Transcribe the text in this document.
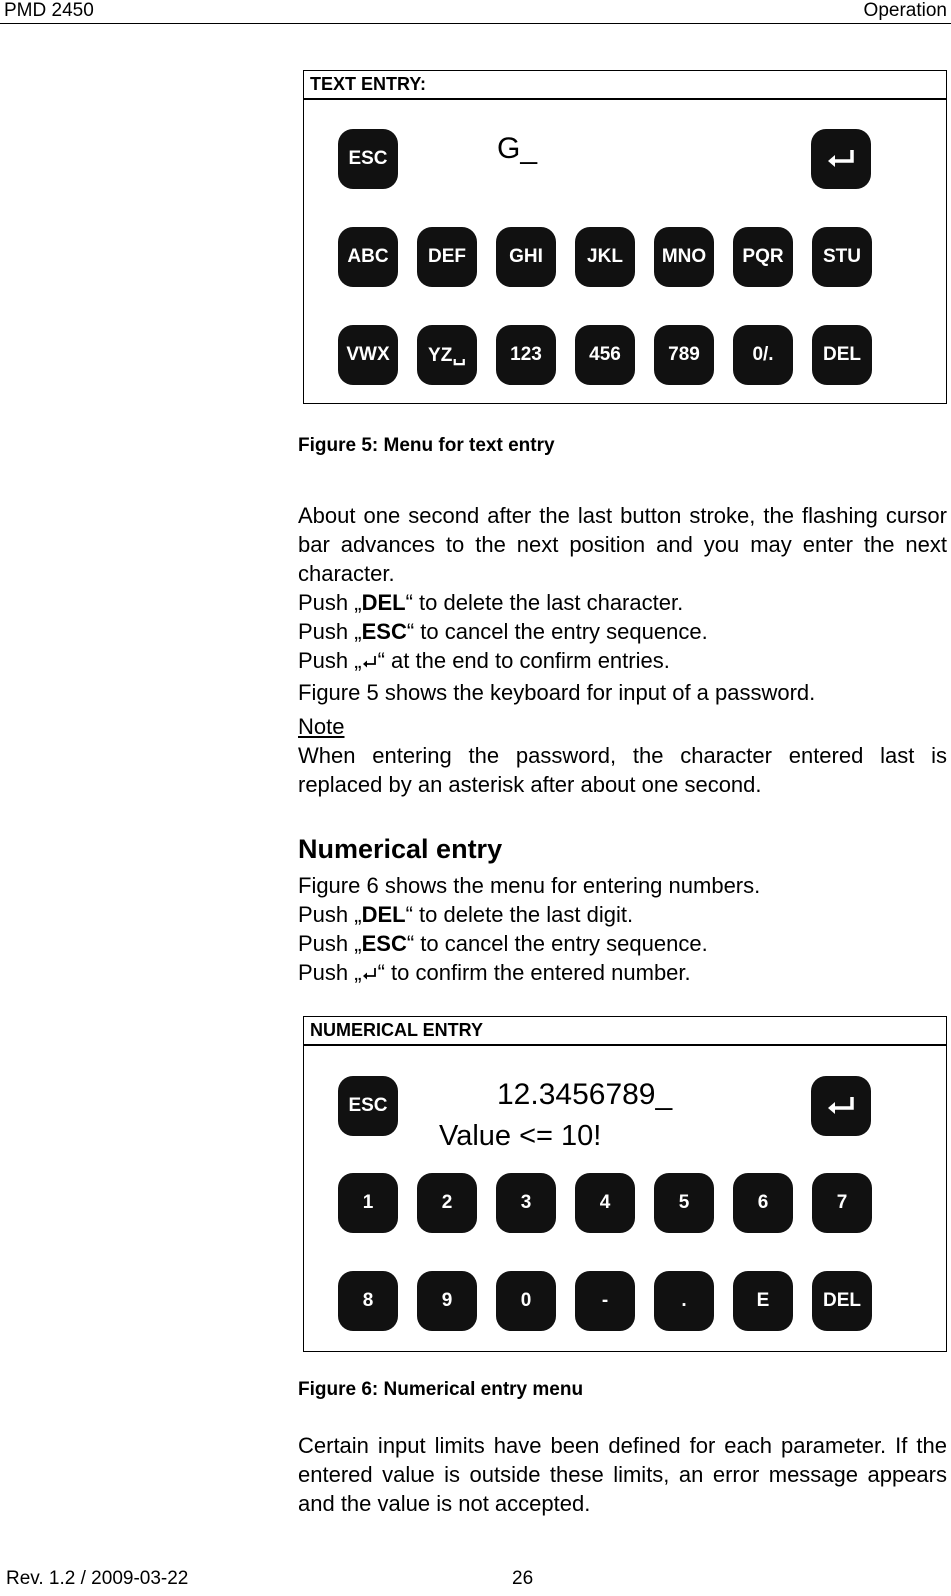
PMD 2450	Operation
TEXT ENTRY:
ESC	G_
ABC	DEF	GHI	JKL	MNO	PQR	STU
VWX	YZ␣	123	456	789	0/.	DEL
Figure 5: Menu for text entry
About one second after the last button stroke, the flashing cursor bar advances to the next position and you may enter the next character.
Push „DEL“ to delete the last character.
Push „ESC“ to cancel the entry sequence.
Push „ “ at the end to confirm entries.
Figure 5 shows the keyboard for input of a password.
Note
When entering the password, the character entered last is replaced by an asterisk after about one second.
Numerical entry
Figure 6 shows the menu for entering numbers.
Push „DEL“ to delete the last digit.
Push „ESC“ to cancel the entry sequence.
Push „ “ to confirm the entered number.
NUMERICAL ENTRY
ESC	12.3456789_
Value <= 10!
1	2	3	4	5	6	7
8	9	0	-	.	E	DEL
Figure 6: Numerical entry menu
Certain input limits have been defined for each parameter. If the entered value is outside these limits, an error message appears and the value is not accepted.
Rev. 1.2 / 2009-03-22	26
